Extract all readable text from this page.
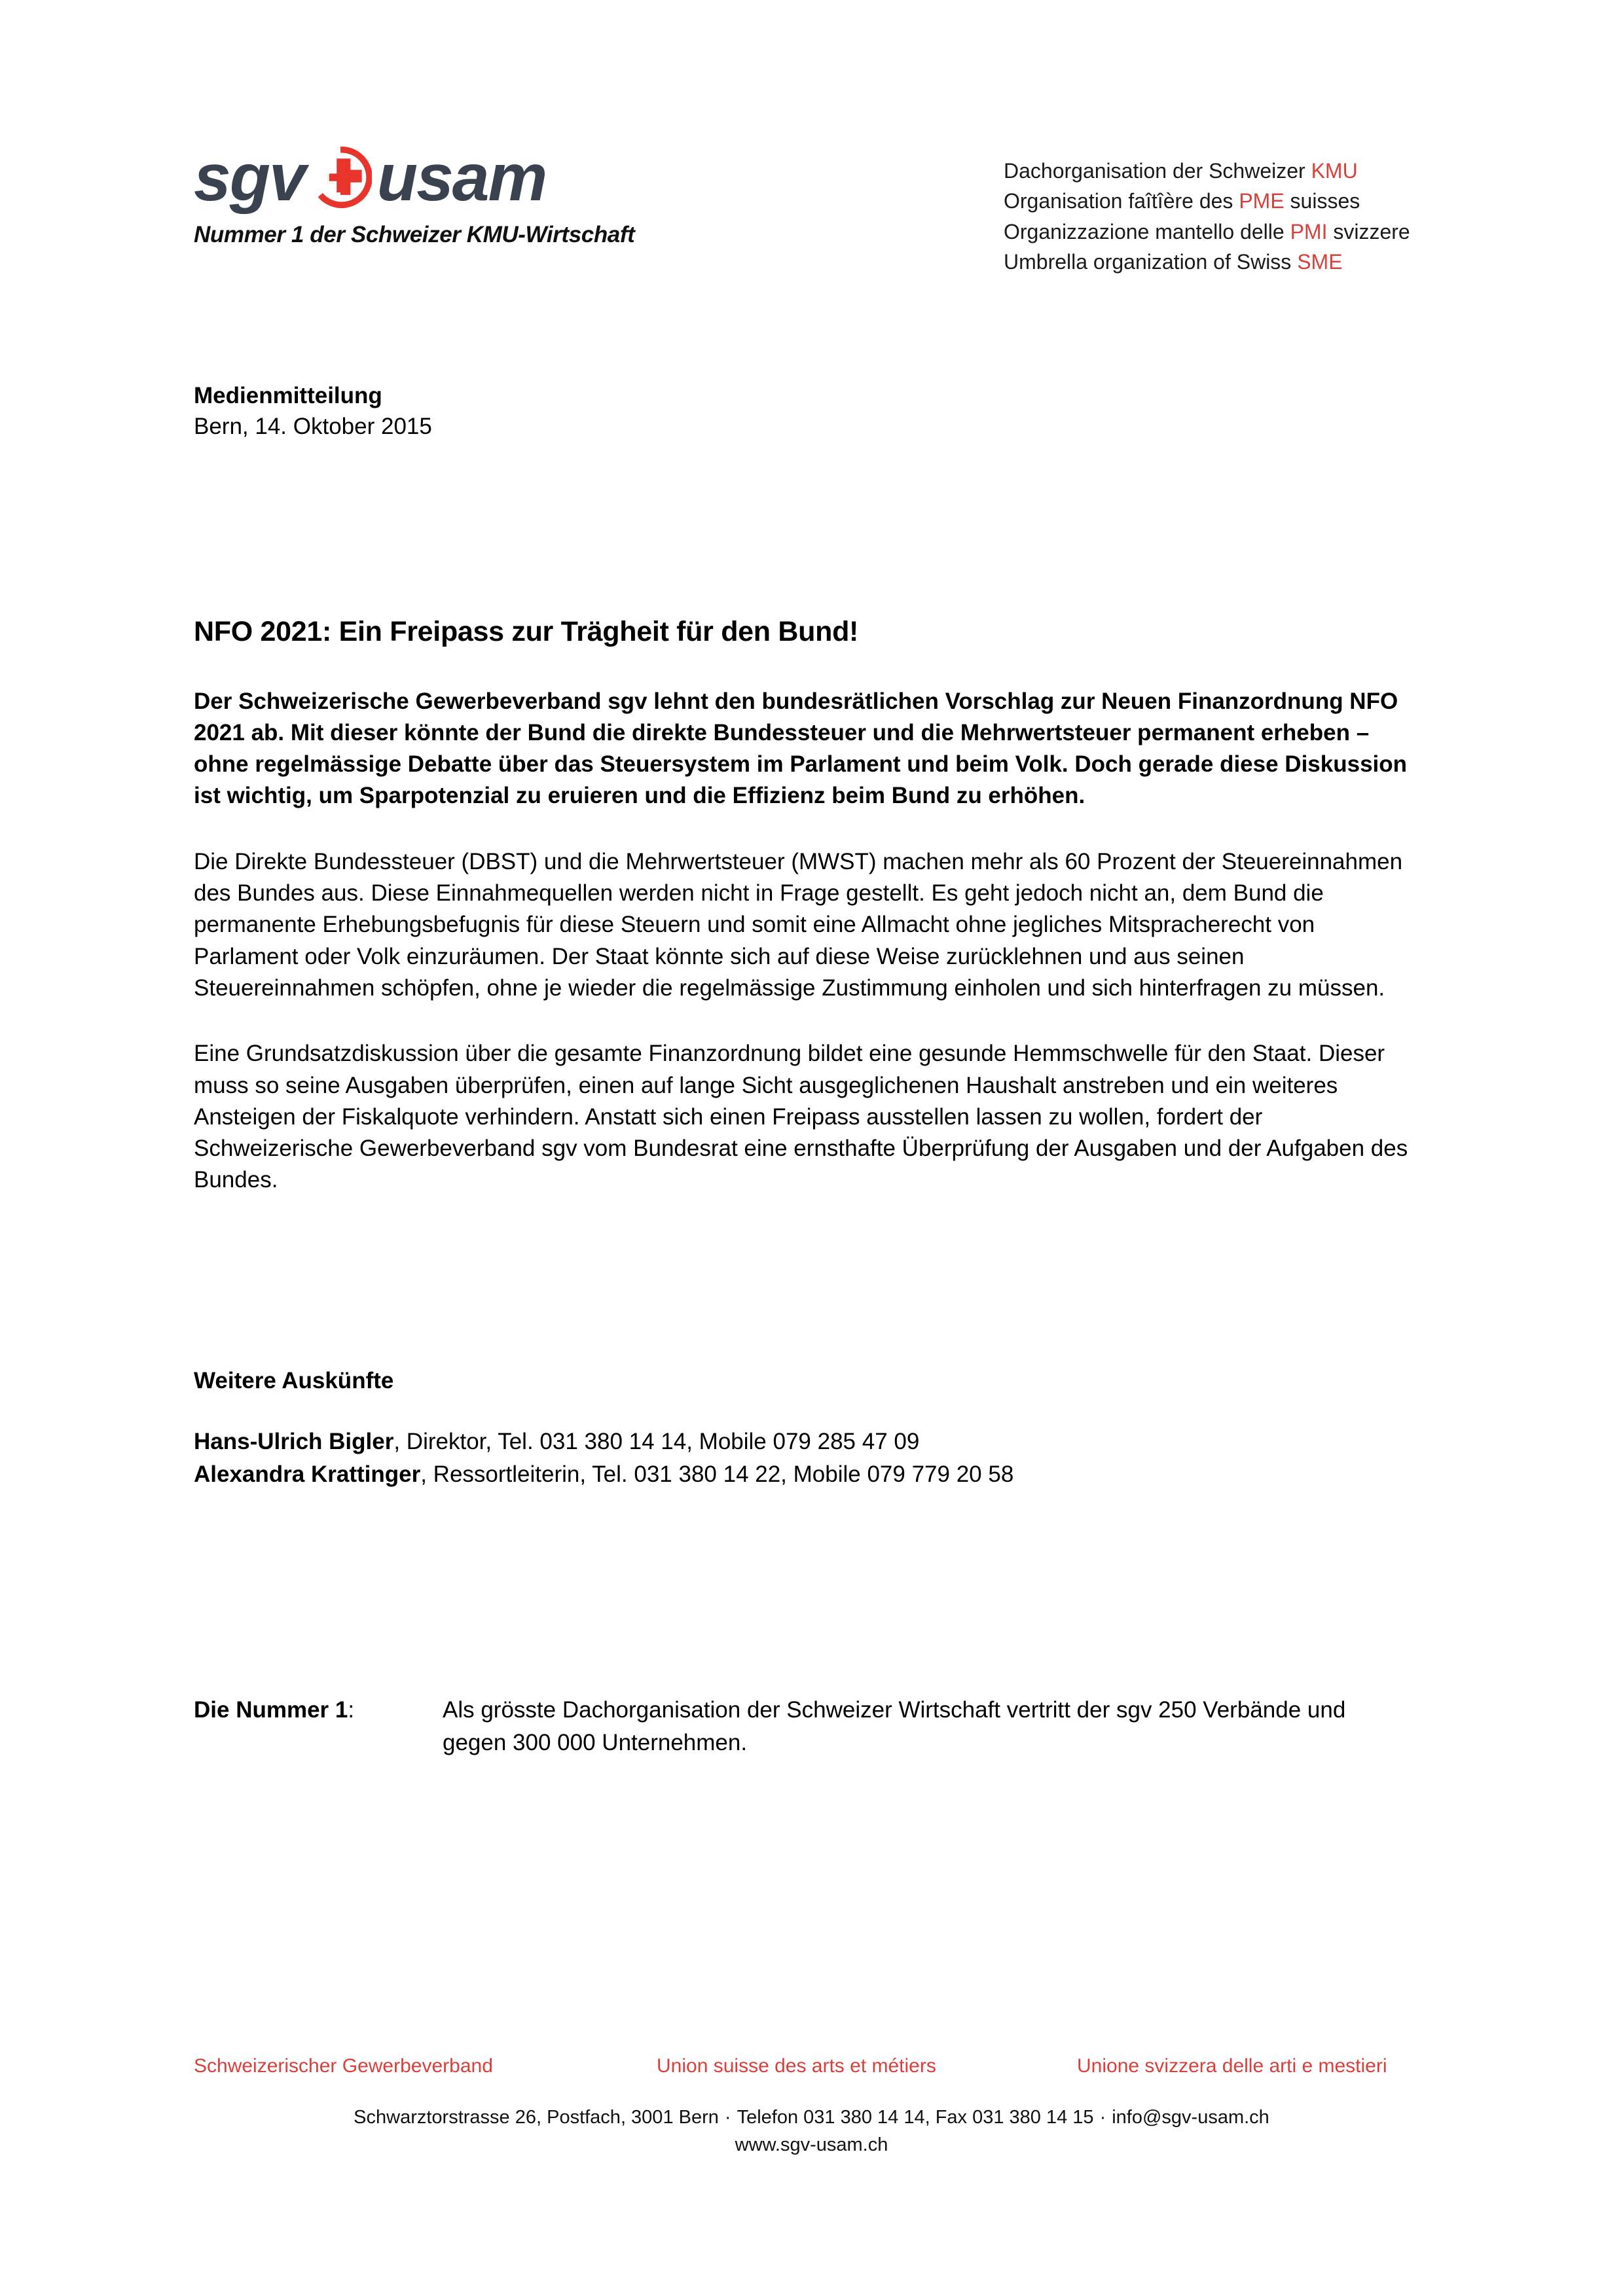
sgv usam
Nummer 1 der Schweizer KMU-Wirtschaft
Dachorganisation der Schweizer KMU
Organisation faîtîère des PME suisses
Organizzazione mantello delle PMI svizzere
Umbrella organization of Swiss SME
Medienmitteilung
Bern, 14. Oktober 2015
NFO 2021: Ein Freipass zur Trägheit für den Bund!

Der Schweizerische Gewerbeverband sgv lehnt den bundesrätlichen Vorschlag zur Neuen Finanzordnung NFO 2021 ab. Mit dieser könnte der Bund die direkte Bundessteuer und die Mehrwertsteuer permanent erheben – ohne regelmässige Debatte über das Steuersystem im Parlament und beim Volk. Doch gerade diese Diskussion ist wichtig, um Sparpotenzial zu eruieren und die Effizienz beim Bund zu erhöhen.

Die Direkte Bundessteuer (DBST) und die Mehrwertsteuer (MWST) machen mehr als 60 Prozent der Steuereinnahmen des Bundes aus. Diese Einnahmequellen werden nicht in Frage gestellt. Es geht jedoch nicht an, dem Bund die permanente Erhebungsbefugnis für diese Steuern und somit eine Allmacht ohne jegliches Mitspracherecht von Parlament oder Volk einzuräumen. Der Staat könnte sich auf diese Weise zurücklehnen und aus seinen Steuereinnahmen schöpfen, ohne je wieder die regelmässige Zustimmung einholen und sich hinterfragen zu müssen.

Eine Grundsatzdiskussion über die gesamte Finanzordnung bildet eine gesunde Hemmschwelle für den Staat. Dieser muss so seine Ausgaben überprüfen, einen auf lange Sicht ausgeglichenen Haushalt anstreben und ein weiteres Ansteigen der Fiskalquote verhindern. Anstatt sich einen Freipass ausstellen lassen zu wollen, fordert der Schweizerische Gewerbeverband sgv vom Bundesrat eine ernsthafte Überprüfung der Ausgaben und der Aufgaben des Bundes.

Weitere Auskünfte
Hans-Ulrich Bigler, Direktor, Tel. 031 380 14 14, Mobile 079 285 47 09
Alexandra Krattinger, Ressortleiterin, Tel. 031 380 14 22, Mobile 079 779 20 58
Die Nummer 1:	Als grösste Dachorganisation der Schweizer Wirtschaft vertritt der sgv 250 Verbände und gegen 300 000 Unternehmen.
Schweizerischer Gewerbeverband	Union suisse des arts et métiers	Unione svizzera delle arti e mestieri
Schwarztorstrasse 26, Postfach, 3001 Bern · Telefon 031 380 14 14, Fax 031 380 14 15 · info@sgv-usam.ch
www.sgv-usam.ch
